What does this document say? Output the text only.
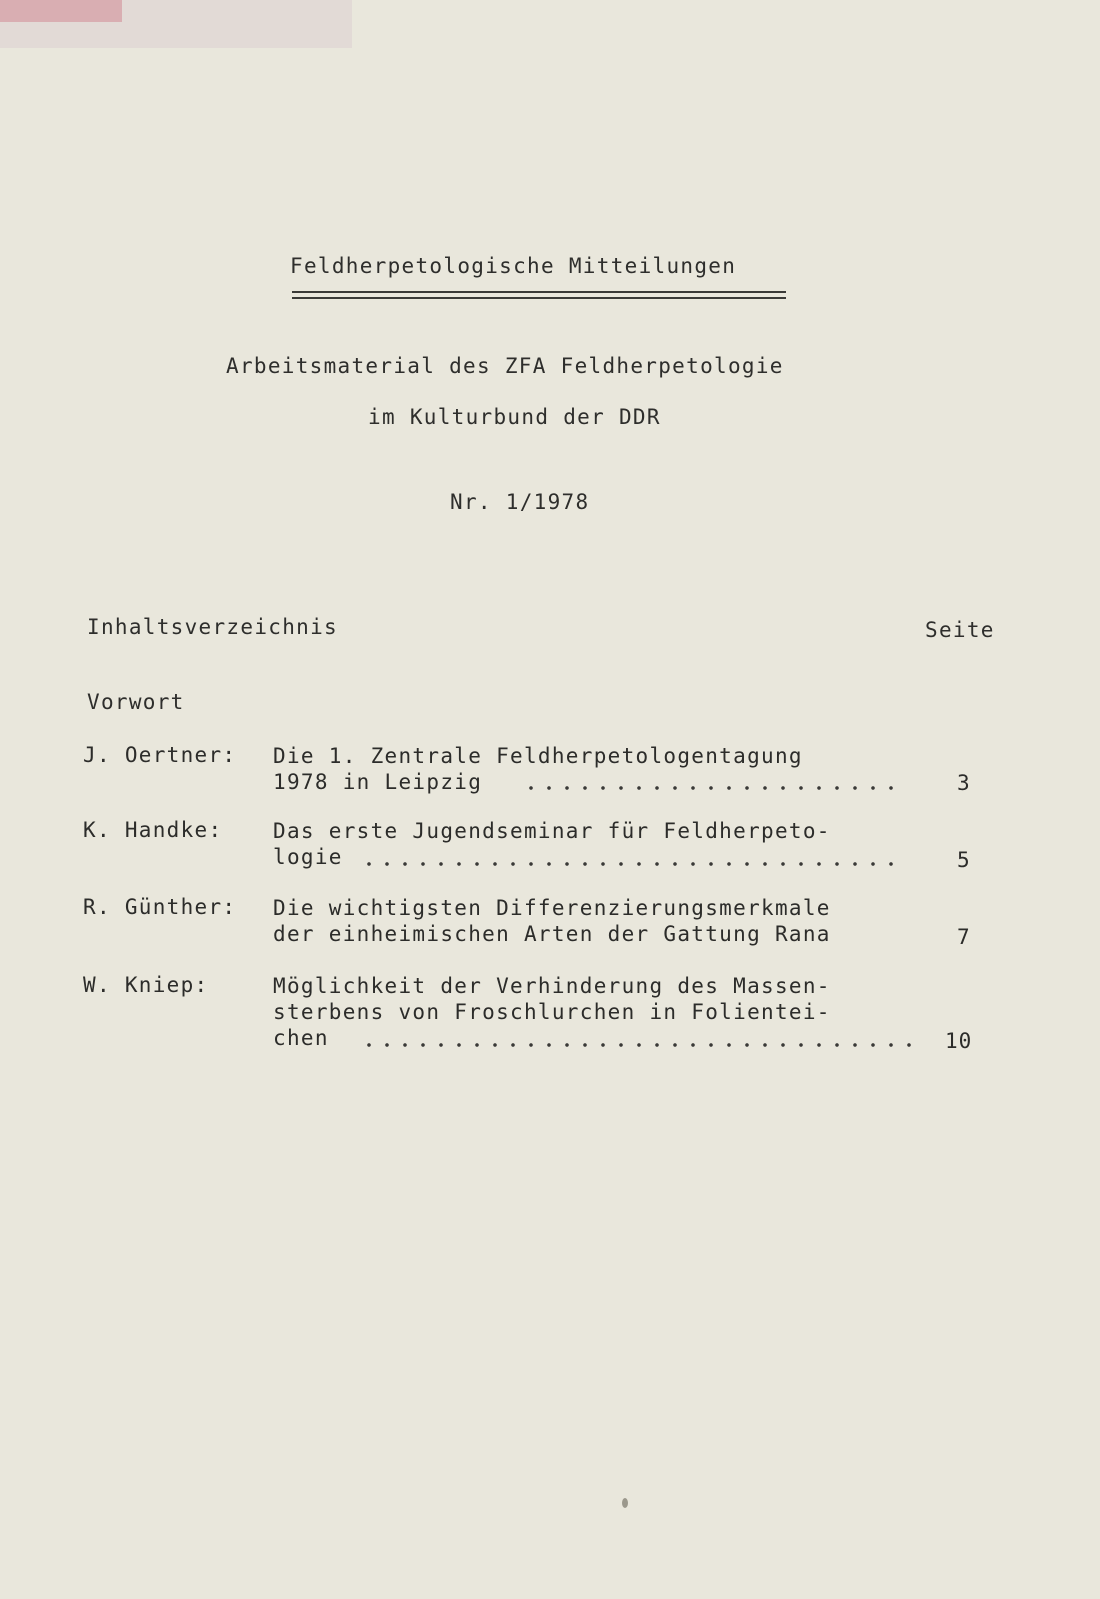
Feldherpetologische Mitteilungen
Arbeitsmaterial des ZFA Feldherpetologie
im Kulturbund der DDR
Nr. 1/1978
Inhaltsverzeichnis	Seite
Vorwort
J. Oertner: Die 1. Zentrale Feldherpetologentagung
1978 in Leipzig	3
K. Handke: Das erste Jugendseminar für Feldherpeto-
logie	5
R. Günther: Die wichtigsten Differenzierungsmerkmale
der einheimischen Arten der Gattung Rana	7
W. Kniep:	Möglichkeit der Verhinderung des Massen-
sterbens von Froschlurchen in Folientei-
chen	10
